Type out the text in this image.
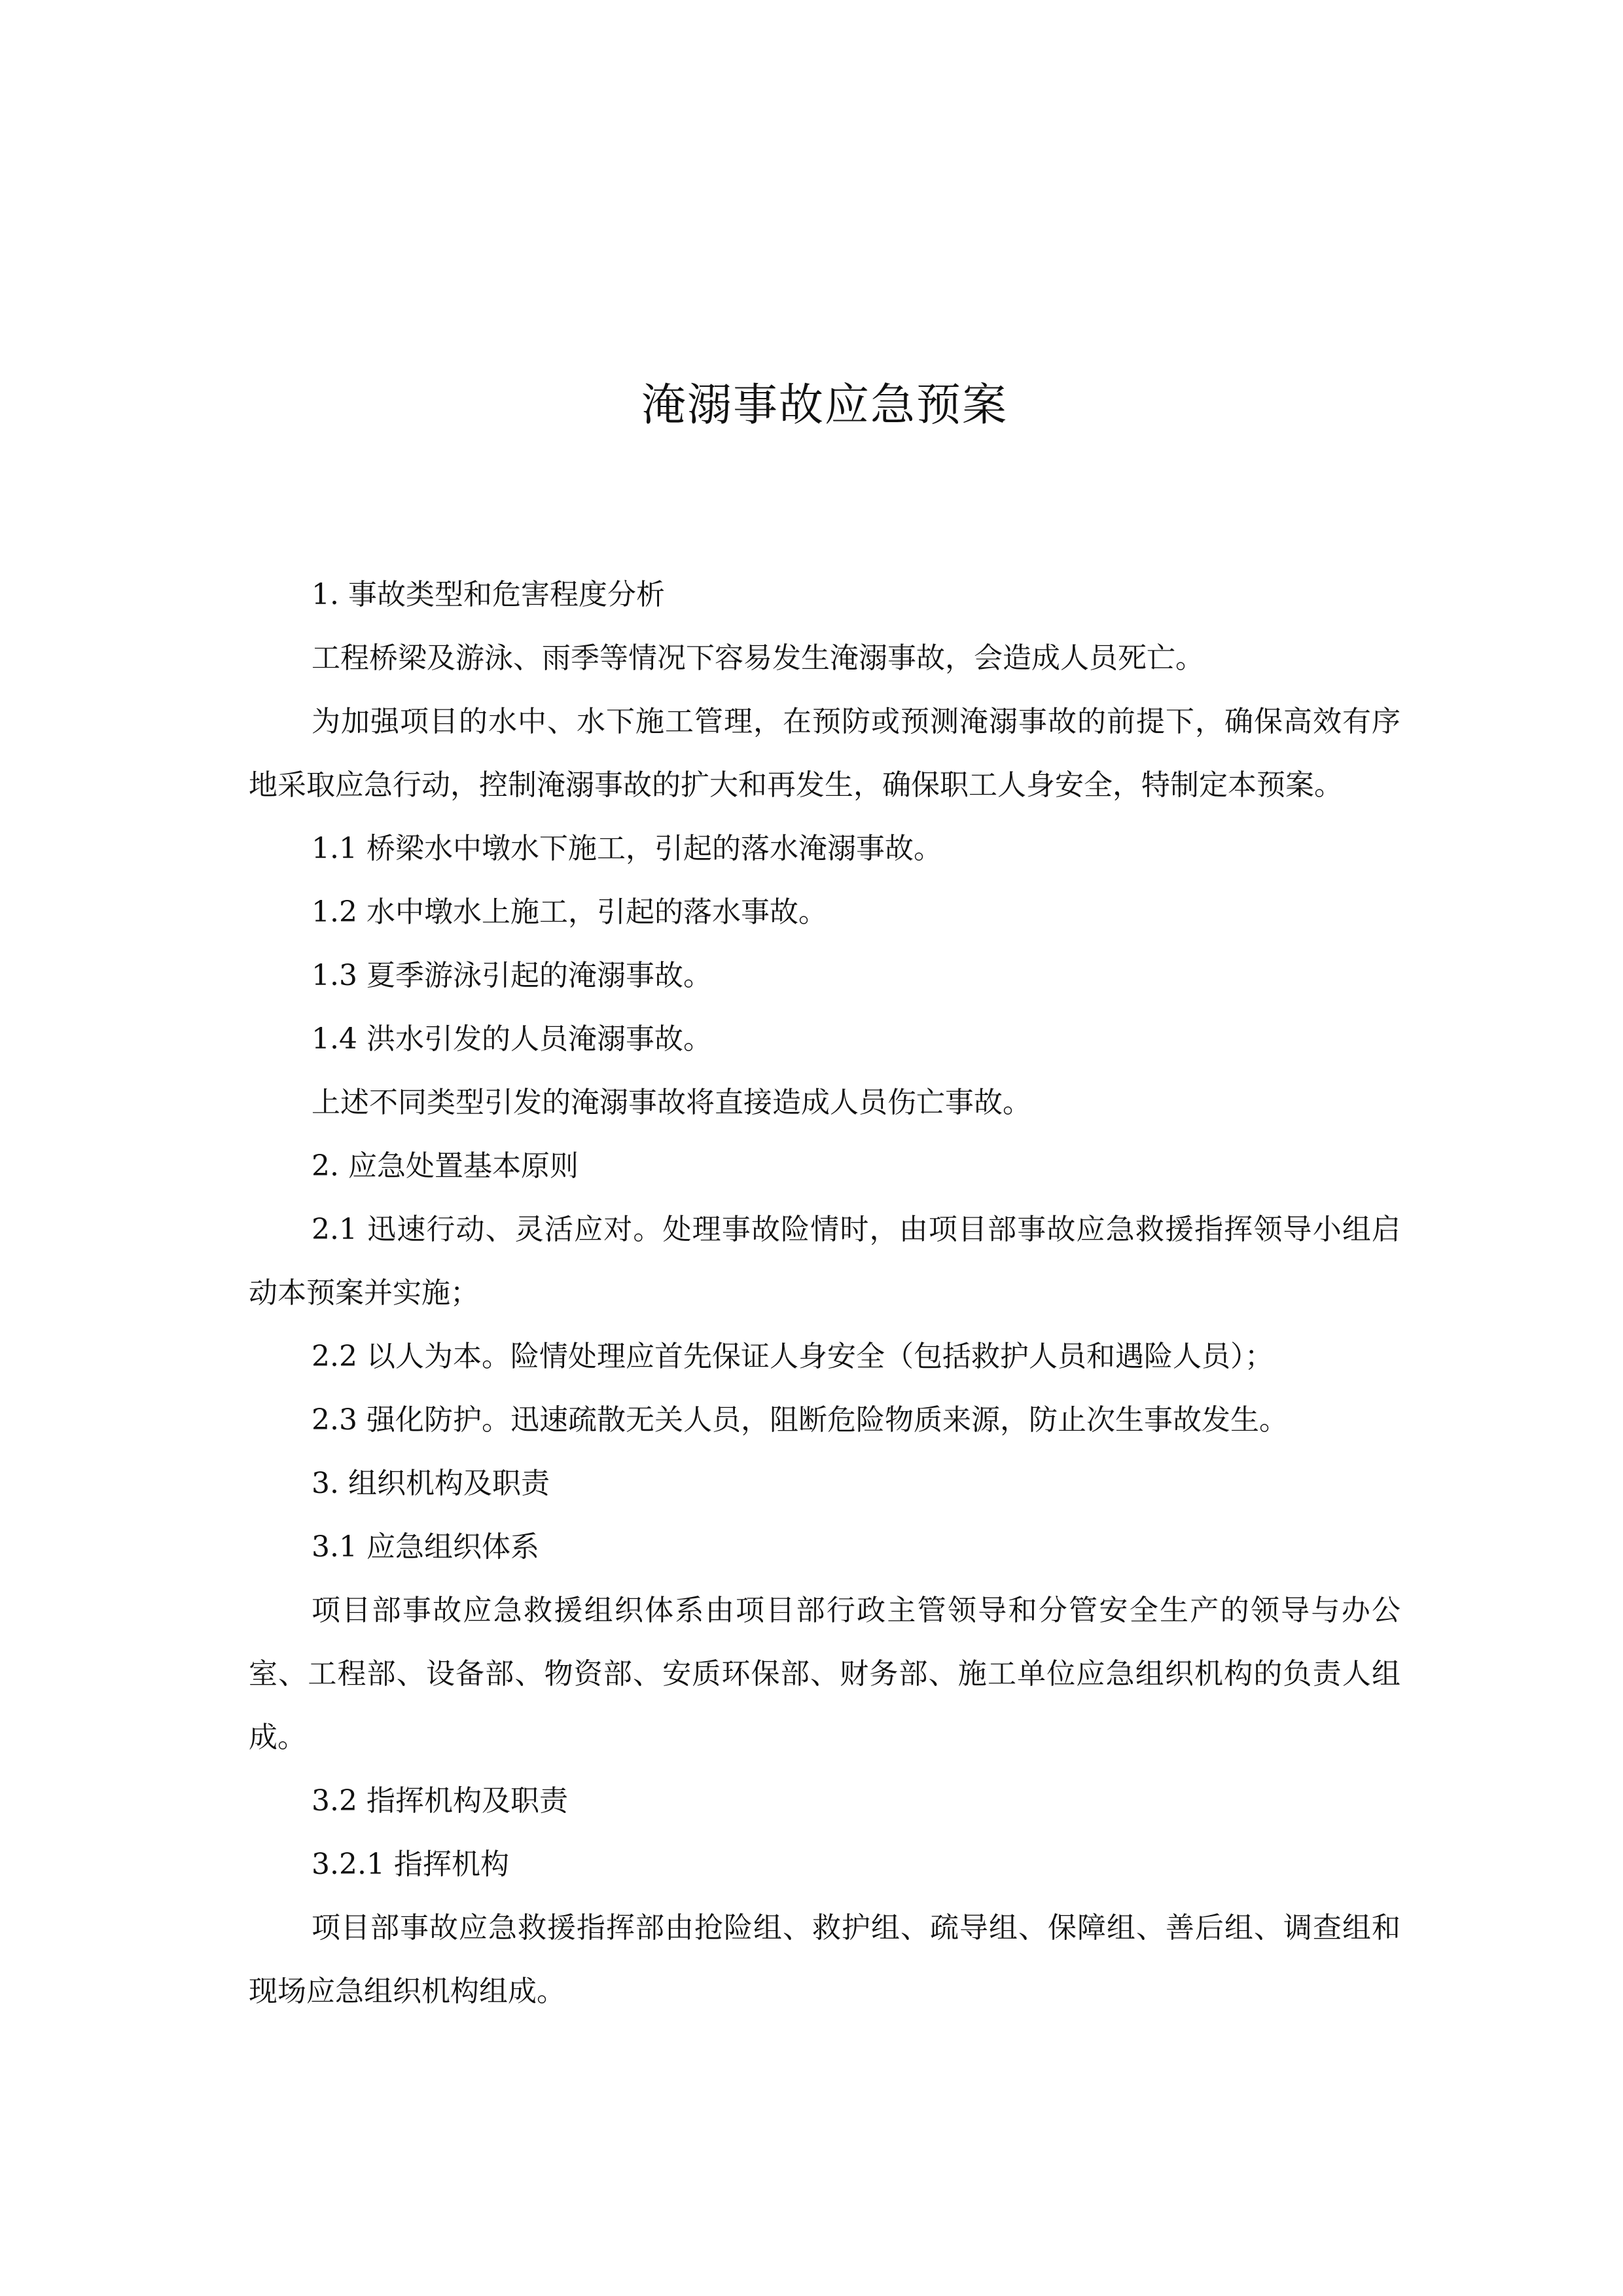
淹溺事故应急预案

1. 事故类型和危害程度分析

工程桥梁及游泳、雨季等情况下容易发生淹溺事故，会造成人员死亡。

为加强项目的水中、水下施工管理，在预防或预测淹溺事故的前提下，确保高效有序地采取应急行动，控制淹溺事故的扩大和再发生，确保职工人身安全，特制定本预案。

1.1 桥梁水中墩水下施工，引起的落水淹溺事故。

1.2 水中墩水上施工，引起的落水事故。

1.3 夏季游泳引起的淹溺事故。

1.4 洪水引发的人员淹溺事故。

上述不同类型引发的淹溺事故将直接造成人员伤亡事故。

2. 应急处置基本原则

2.1 迅速行动、灵活应对。处理事故险情时，由项目部事故应急救援指挥领导小组启动本预案并实施；

2.2 以人为本。险情处理应首先保证人身安全（包括救护人员和遇险人员）；

2.3 强化防护。迅速疏散无关人员，阻断危险物质来源，防止次生事故发生。

3. 组织机构及职责

3.1 应急组织体系

项目部事故应急救援组织体系由项目部行政主管领导和分管安全生产的领导与办公室、工程部、设备部、物资部、安质环保部、财务部、施工单位应急组织机构的负责人组成。

3.2 指挥机构及职责

3.2.1 指挥机构

项目部事故应急救援指挥部由抢险组、救护组、疏导组、保障组、善后组、调查组和现场应急组织机构组成。
